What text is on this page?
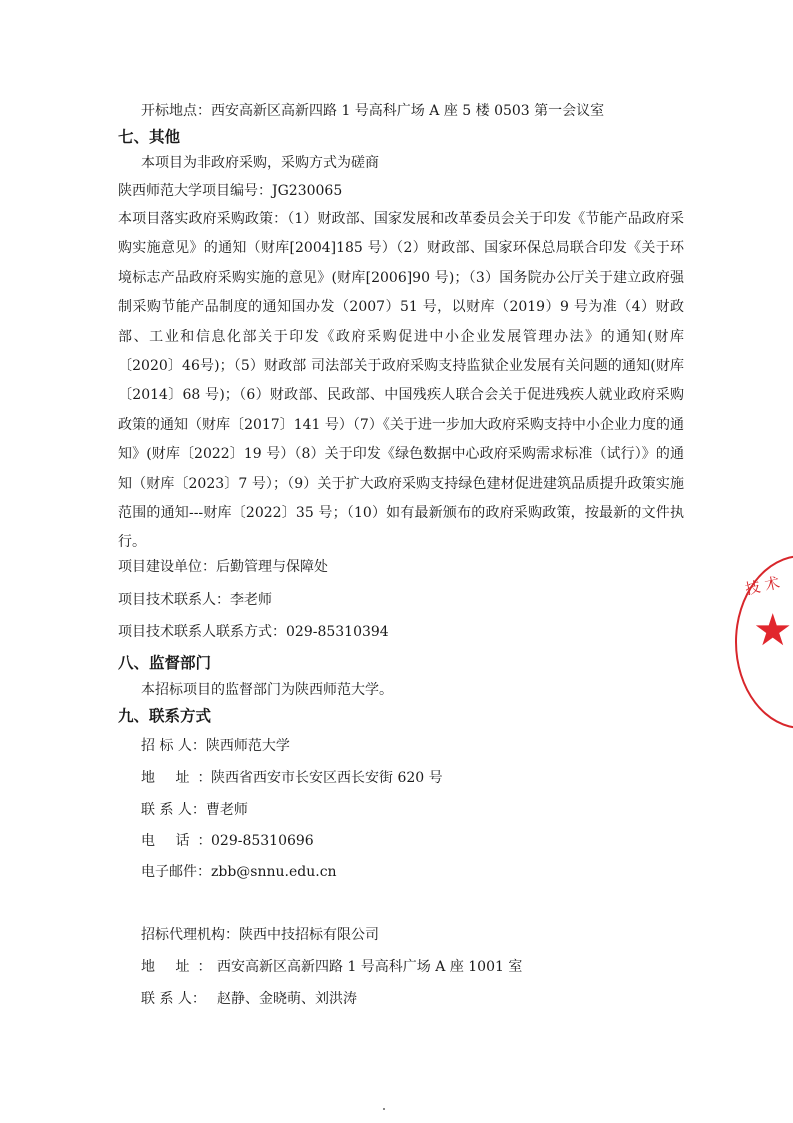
开标地点：西安高新区高新四路 1 号高科广场 A 座 5 楼 0503 第一会议室
七、其他
本项目为非政府采购，采购方式为磋商
陕西师范大学项目编号：JG230065
本项目落实政府采购政策：（1）财政部、国家发展和改革委员会关于印发《节能产品政府采购实施意见》的通知（财库[2004]185 号）（2）财政部、国家环保总局联合印发《关于环境标志产品政府采购实施的意见》(财库[2006]90 号)；（3）国务院办公厅关于建立政府强制采购节能产品制度的通知国办发（2007）51 号，以财库（2019）9 号为准（4）财政部、工业和信息化部关于印发《政府采购促进中小企业发展管理办法》的通知(财库〔2020〕46号)；（5）财政部 司法部关于政府采购支持监狱企业发展有关问题的通知(财库〔2014〕68 号)；（6）财政部、民政部、中国残疾人联合会关于促进残疾人就业政府采购政策的通知（财库〔2017〕141 号）（7）《关于进一步加大政府采购支持中小企业力度的通知》(财库〔2022〕19 号）（8）关于印发《绿色数据中心政府采购需求标准（试行）》的通知（财库〔2023〕7 号）；（9）关于扩大政府采购支持绿色建材促进建筑品质提升政策实施范围的通知---财库〔2022〕35 号；（10）如有最新颁布的政府采购政策，按最新的文件执行。
项目建设单位：后勤管理与保障处
项目技术联系人：李老师
项目技术联系人联系方式：029-85310394
八、监督部门
本招标项目的监督部门为陕西师范大学。
九、联系方式
招 标 人：陕西师范大学
地 址：陕西省西安市长安区西长安街 620 号
联 系 人：曹老师
电 话：029-85310696
电子邮件：zbb@snnu.edu.cn
招标代理机构：陕西中技招标有限公司
地 址：西安高新区高新四路 1 号高科广场 A 座 1001 室
联 系 人： 赵静、金晓萌、刘洪涛
技 术
★
